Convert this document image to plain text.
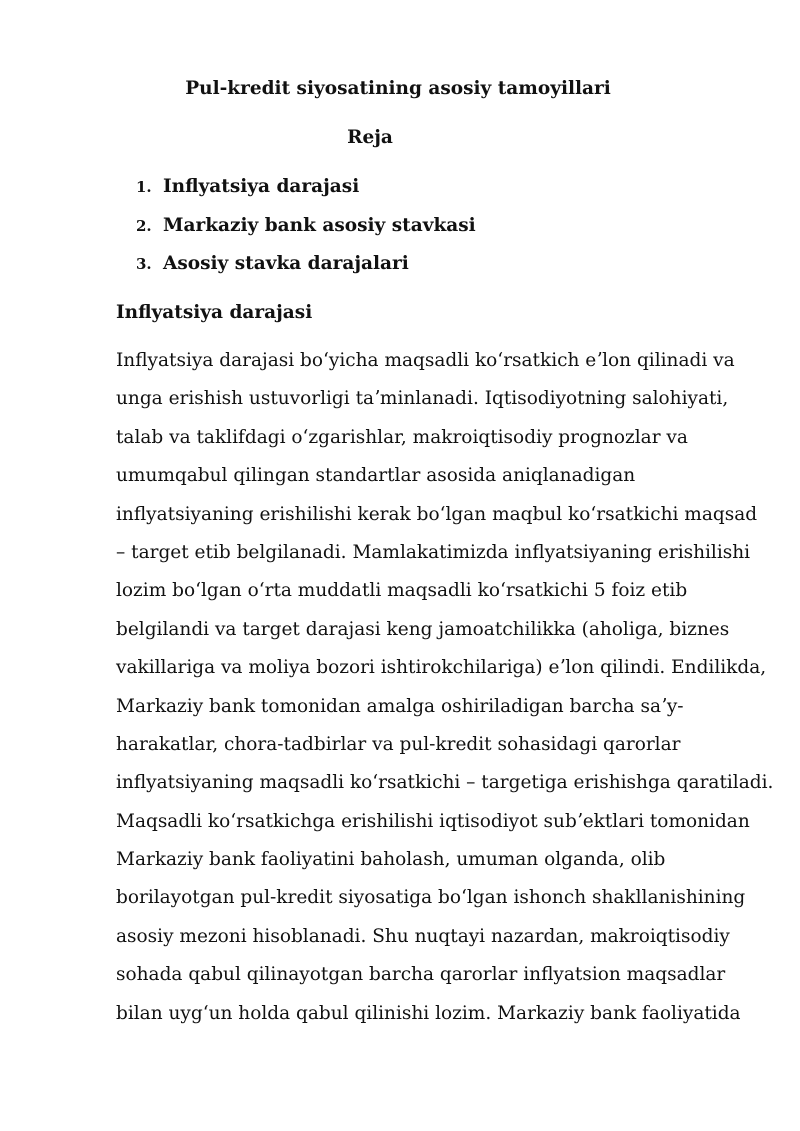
Pul-kredit siyosatining asosiy tamoyillari
Reja
1. Inflyatsiya darajasi
2. Markaziy bank asosiy stavkasi
3. Asosiy stavka darajalari
Inflyatsiya darajasi
Inflyatsiya darajasi boʻyicha maqsadli koʻrsatkich eʼlon qilinadi va
unga erishish ustuvorligi taʼminlanadi. Iqtisodiyotning salohiyati,
talab va taklifdagi oʻzgarishlar, makroiqtisodiy prognozlar va
umumqabul qilingan standartlar asosida aniqlanadigan
inflyatsiyaning erishilishi kerak boʻlgan maqbul koʻrsatkichi maqsad
– target etib belgilanadi. Mamlakatimizda inflyatsiyaning erishilishi
lozim boʻlgan oʻrta muddatli maqsadli koʻrsatkichi 5 foiz etib
belgilandi va target darajasi keng jamoatchilikka (aholiga, biznes
vakillariga va moliya bozori ishtirokchilariga) eʼlon qilindi. Endilikda,
Markaziy bank tomonidan amalga oshiriladigan barcha saʼy-
harakatlar, chora-tadbirlar va pul-kredit sohasidagi qarorlar
inflyatsiyaning maqsadli koʻrsatkichi – targetiga erishishga qaratiladi.
Maqsadli koʻrsatkichga erishilishi iqtisodiyot subʼektlari tomonidan
Markaziy bank faoliyatini baholash, umuman olganda, olib
borilayotgan pul-kredit siyosatiga boʻlgan ishonch shakllanishining
asosiy mezoni hisoblanadi. Shu nuqtayi nazardan, makroiqtisodiy
sohada qabul qilinayotgan barcha qarorlar inflyatsion maqsadlar
bilan uygʻun holda qabul qilinishi lozim. Markaziy bank faoliyatida
